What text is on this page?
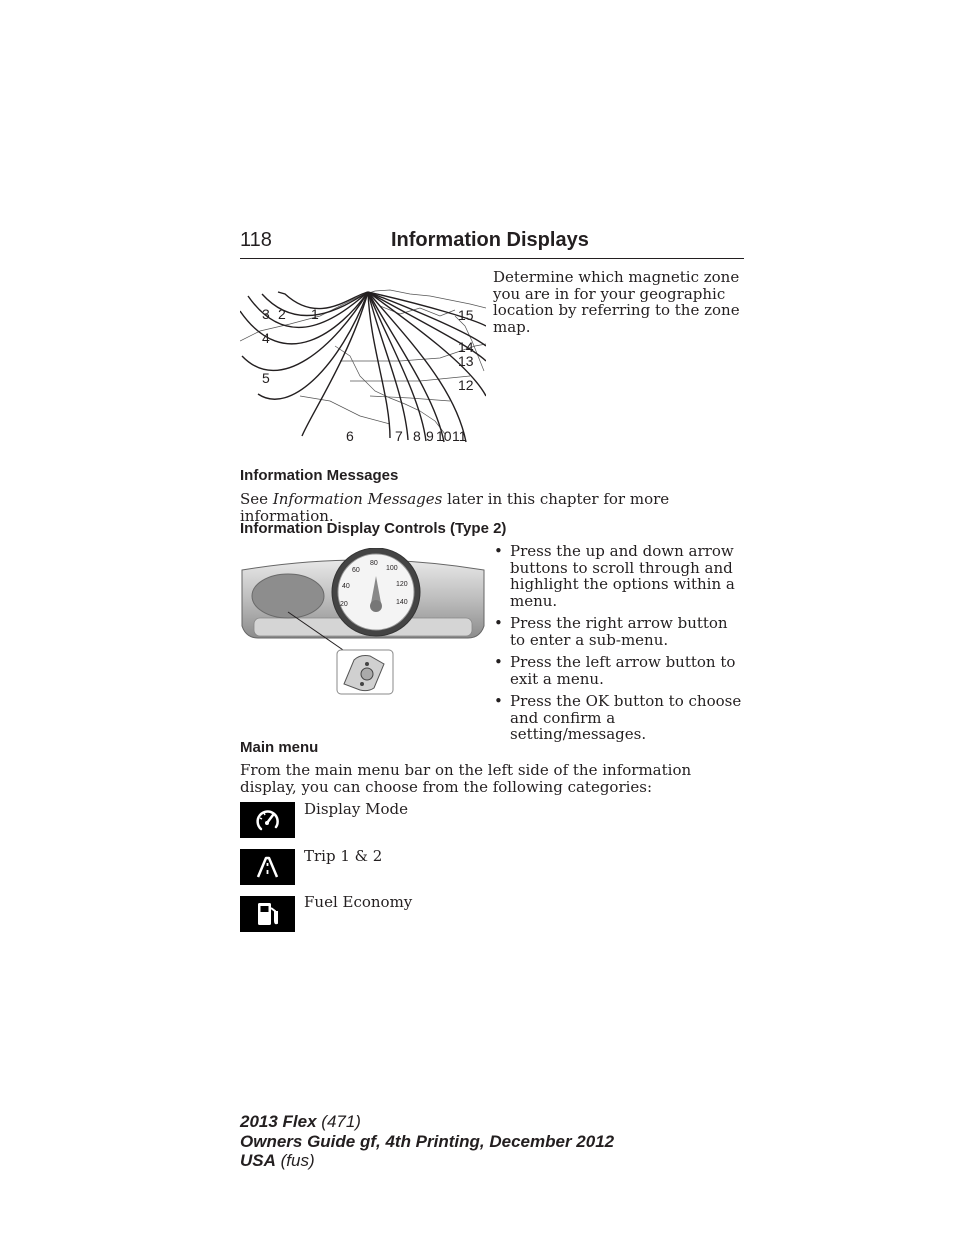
118	Information Displays
1
2
3
4
5
6	7 8 9 10 11
12
13
14
15
Determine which magnetic zone you are in for your geographic location by referring to the zone map.
Information Messages
See Information Messages later in this chapter for more information.
Information Display Controls (Type 2)
20
40
60
80
100
120
140
• Press the up and down arrow buttons to scroll through and highlight the options within a menu.
• Press the right arrow button to enter a sub-menu.
• Press the left arrow button to exit a menu.
• Press the OK button to choose and confirm a setting/messages.
Main menu
From the main menu bar on the left side of the information display, you can choose from the following categories:
Display Mode
Trip 1 & 2
Fuel Economy
2013 Flex (471)
Owners Guide gf, 4th Printing, December 2012
USA (fus)
